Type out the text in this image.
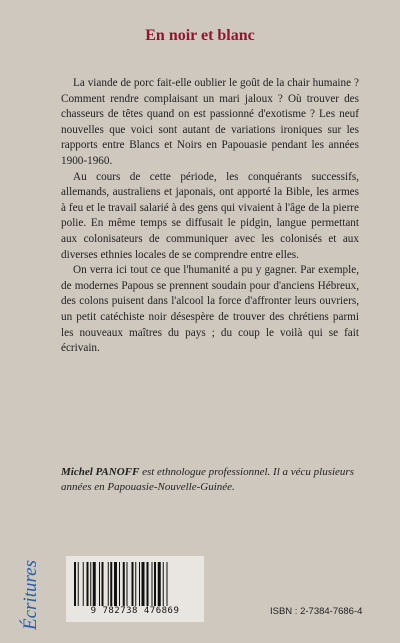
En noir et blanc

La viande de porc fait-elle oublier le goût de la chair humaine ? Comment rendre complaisant un mari jaloux ? Où trouver des chasseurs de têtes quand on est passionné d'exotisme ? Les neuf nouvelles que voici sont autant de variations ironiques sur les rapports entre Blancs et Noirs en Papouasie pendant les années 1900-1960.

Au cours de cette période, les conquérants successifs, allemands, australiens et japonais, ont apporté la Bible, les armes à feu et le travail salarié à des gens qui vivaient à l'âge de la pierre polie. En même temps se diffusait le pidgin, langue permettant aux colonisateurs de communiquer avec les colonisés et aux diverses ethnies locales de se comprendre entre elles.

On verra ici tout ce que l'humanité a pu y gagner. Par exemple, de modernes Papous se prennent soudain pour d'anciens Hébreux, des colons puisent dans l'alcool la force d'affronter leurs ouvriers, un petit catéchiste noir désespère de trouver des chrétiens parmi les nouveaux maîtres du pays ; du coup le voilà qui se fait écrivain.

Michel PANOFF est ethnologue professionnel. Il a vécu plusieurs années en Papouasie-Nouvelle-Guinée.
Écritures	9 782738 476869	ISBN : 2-7384-7686-4
